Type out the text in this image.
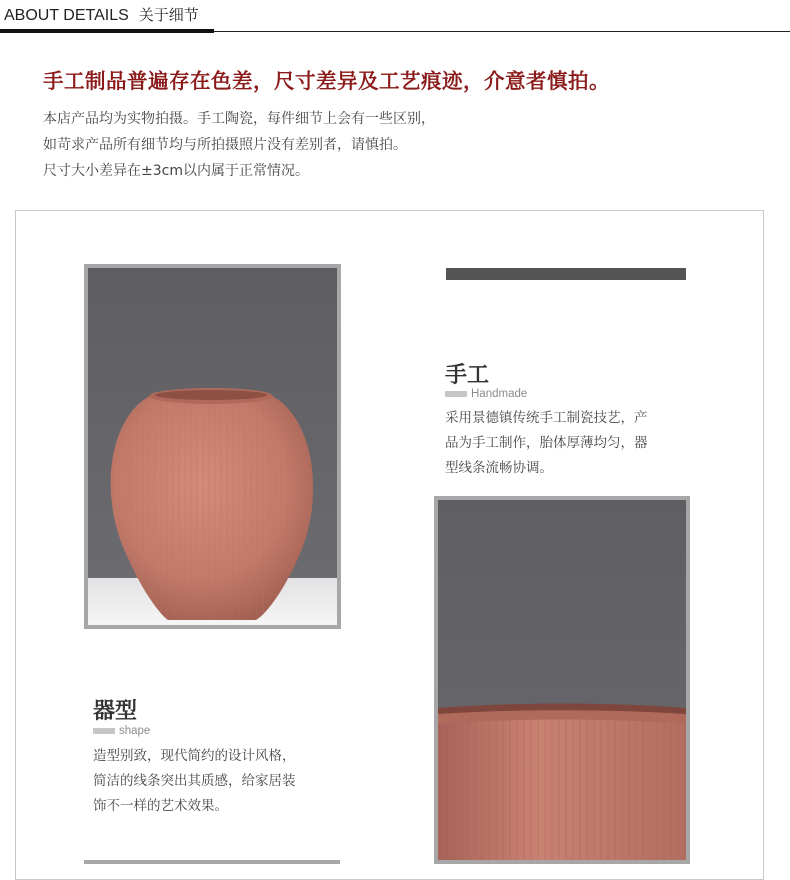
ABOUT DETAILS 关于细节
手工制品普遍存在色差，尺寸差异及工艺痕迹，介意者慎拍。
本店产品均为实物拍摄。手工陶瓷，每件细节上会有一些区别，
如苛求产品所有细节均与所拍摄照片没有差别者，请慎拍。
尺寸大小差异在±3cm以内属于正常情况。
手工
Handmade
采用景德镇传统手工制瓷技艺，产
品为手工制作，胎体厚薄均匀，器
型线条流畅协调。
器型
shape
造型别致，现代简约的设计风格，
简洁的线条突出其质感，给家居装
饰不一样的艺术效果。
